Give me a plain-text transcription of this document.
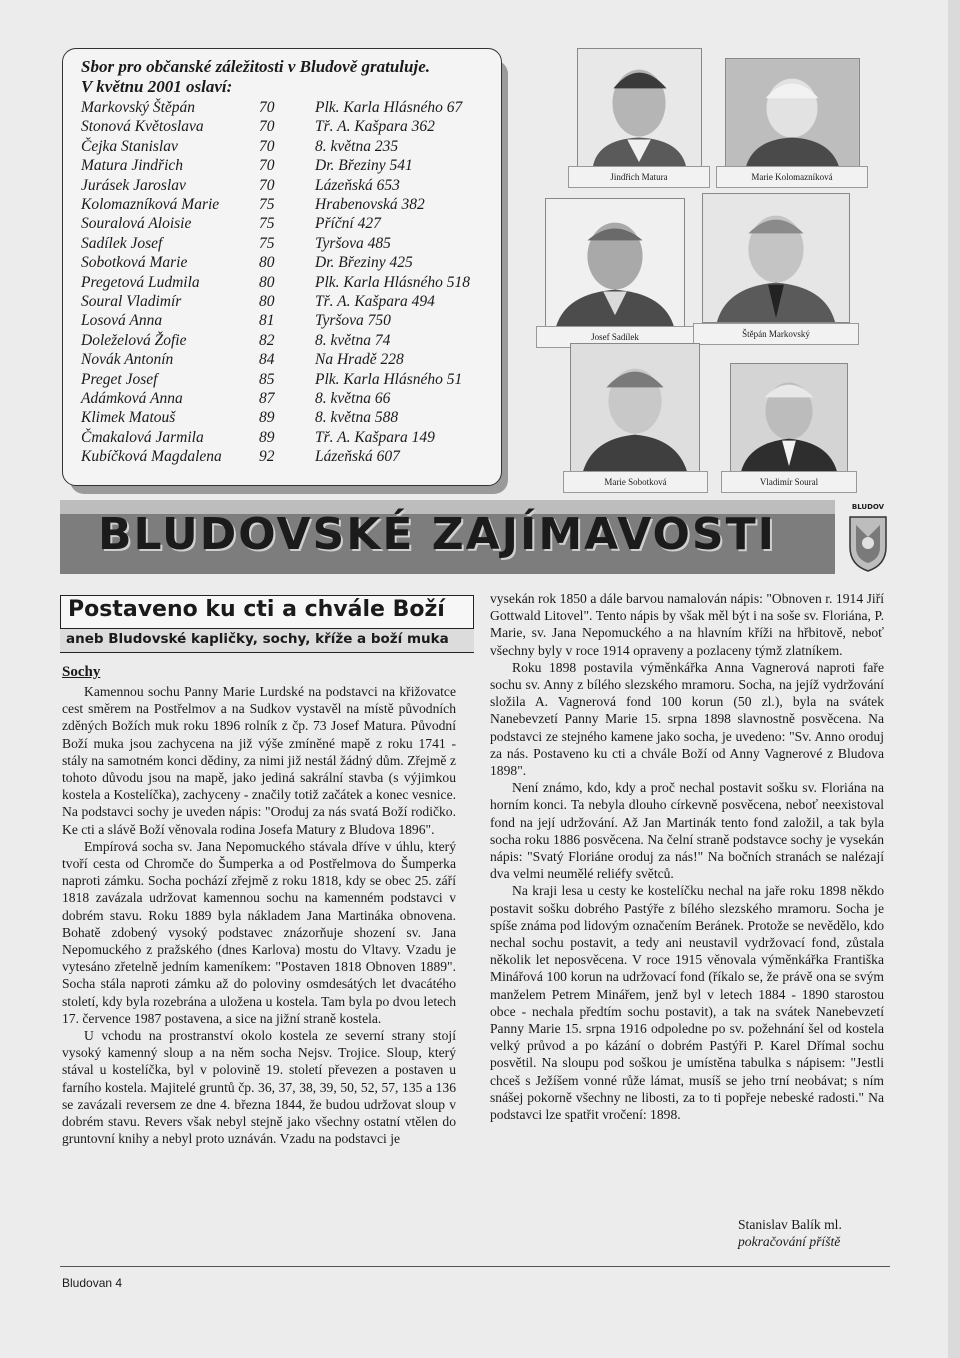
Sbor pro občanské záležitosti v Bludově gratuluje.
V květnu 2001 oslaví:
Markovský Štěpán	70	Plk. Karla Hlásného 67
Stonová Květoslava	70	Tř. A. Kašpara 362
Čejka Stanislav	70	8. května 235
Matura Jindřich	70	Dr. Březiny 541
Jurásek Jaroslav	70	Lázeňská 653
Kolomazníková Marie	75	Hrabenovská 382
Souralová Aloisie	75	Příční 427
Sadílek Josef	75	Tyršova 485
Sobotková Marie	80	Dr. Březiny 425
Pregetová Ludmila	80	Plk. Karla Hlásného 518
Soural Vladimír	80	Tř. A. Kašpara 494
Losová Anna	81	Tyršova 750
Doleželová Žofie	82	8. května 74
Novák Antonín	84	Na Hradě 228
Preget Josef	85	Plk. Karla Hlásného 51
Adámková Anna	87	8. května 66
Klimek Matouš	89	8. května 588
Čmakalová Jarmila	89	Tř. A. Kašpara 149
Kubíčková Magdalena 92	Lázeňská 607
Jindřich Matura	Marie Kolomazníková
Josef Sadílek	Štěpán Markovský
Marie Sobotková	Vladimír Soural
BLUDOVSKÉ ZAJÍMAVOSTI
BLUDOV
Postaveno ku cti a chvále Boží
aneb Bludovské kapličky, sochy, kříže a boží muka
Sochy

Kamennou sochu Panny Marie Lurdské na podstavci na křižovatce cest směrem na Postřelmov a na Sudkov vystavěl na místě původních zděných Božích muk roku 1896 rolník z čp. 73 Josef Matura. Původní Boží muka jsou zachycena na již výše zmíněné mapě z roku 1741 - stály na samotném konci dědiny, za nimi již nestál žádný dům. Zřejmě z tohoto důvodu jsou na mapě, jako jediná sakrální stavba (s výjimkou kostela a Kostelíčka), zachyceny - značily totiž začátek a konec vesnice. Na podstavci sochy je uveden nápis: "Oroduj za nás svatá Boží rodičko. Ke cti a slávě Boží věnovala rodina Josefa Matury z Bludova 1896".

Empírová socha sv. Jana Nepomuckého stávala dříve v úhlu, který tvoří cesta od Chromče do Šumperka a od Postřelmova do Šumperka naproti zámku. Socha pochází zřejmě z roku 1818, kdy se obec 25. září 1818 zavázala udržovat kamennou sochu na kamenném podstavci v dobrém stavu. Roku 1889 byla nákladem Jana Martináka obnovena. Bohatě zdobený vysoký podstavec znázorňuje shození sv. Jana Nepomuckého z pražského (dnes Karlova) mostu do Vltavy. Vzadu je vytesáno zřetelně jedním kameníkem: "Postaven 1818 Obnoven 1889". Socha stála naproti zámku až do poloviny osmdesátých let dvacátého století, kdy byla rozebrána a uložena u kostela. Tam byla po dvou letech 17. července 1987 postavena, a sice na jižní straně kostela.

U vchodu na prostranství okolo kostela ze severní strany stojí vysoký kamenný sloup a na něm socha Nejsv. Trojice. Sloup, který stával u kostelíčka, byl v polovině 19. století převezen a postaven u farního kostela. Majitelé gruntů čp. 36, 37, 38, 39, 50, 52, 57, 135 a 136 se zavázali reversem ze dne 4. března 1844, že budou udržovat sloup v dobrém stavu. Revers však nebyl stejně jako všechny ostatní vtělen do gruntovní knihy a nebyl proto uznáván. Vzadu na podstavci je

vysekán rok 1850 a dále barvou namalován nápis: "Obnoven r. 1914 Jiří Gottwald Litovel". Tento nápis by však měl být i na soše sv. Floriána, P. Marie, sv. Jana Nepomuckého a na hlavním kříži na hřbitově, neboť všechny byly v roce 1914 opraveny a pozlaceny týmž zlatníkem.

Roku 1898 postavila výměnkářka Anna Vagnerová naproti faře sochu sv. Anny z bílého slezského mramoru. Socha, na jejíž vydržování složila A. Vagnerová fond 100 korun (50 zl.), byla na svátek Nanebevzetí Panny Marie 15. srpna 1898 slavnostně posvěcena. Na podstavci ze stejného kamene jako socha, je uvedeno: "Sv. Anno oroduj za nás. Postaveno ku cti a chvále Boží od Anny Vagnerové z Bludova 1898".

Není známo, kdo, kdy a proč nechal postavit sošku sv. Floriána na horním konci. Ta nebyla dlouho církevně posvěcena, neboť neexistoval fond na její udržování. Až Jan Martinák tento fond založil, a tak byla socha roku 1886 posvěcena. Na čelní straně podstavce sochy je vysekán nápis: "Svatý Floriáne oroduj za nás!" Na bočních stranách se nalézají dva velmi neumělé reliéfy světců.

Na kraji lesa u cesty ke kostelíčku nechal na jaře roku 1898 někdo postavit sošku dobrého Pastýře z bílého slezského mramoru. Socha je spíše známa pod lidovým označením Beránek. Protože se nevědělo, kdo nechal sochu postavit, a tedy ani neustavil vydržovací fond, zůstala několik let neposvěcena. V roce 1915 věnovala výměnkářka Františka Minářová 100 korun na udržovací fond (říkalo se, že právě ona se svým manželem Petrem Minářem, jenž byl v letech 1884 - 1890 starostou obce - nechala předtím sochu postavit), a tak na svátek Nanebevzetí Panny Marie 15. srpna 1916 odpoledne po sv. požehnání šel od kostela velký průvod a po kázání o dobrém Pastýři P. Karel Dřímal sochu posvětil. Na sloupu pod soškou je umístěna tabulka s nápisem: "Jestli chceš s Ježíšem vonné růže lámat, musíš se jeho trní neobávat; s ním snášej pokorně všechny ne libosti, za to ti popřeje nebeské radosti." Na podstavci lze spatřit vročení: 1898.

Stanislav Balík ml.
pokračování příště
Bludovan 4
